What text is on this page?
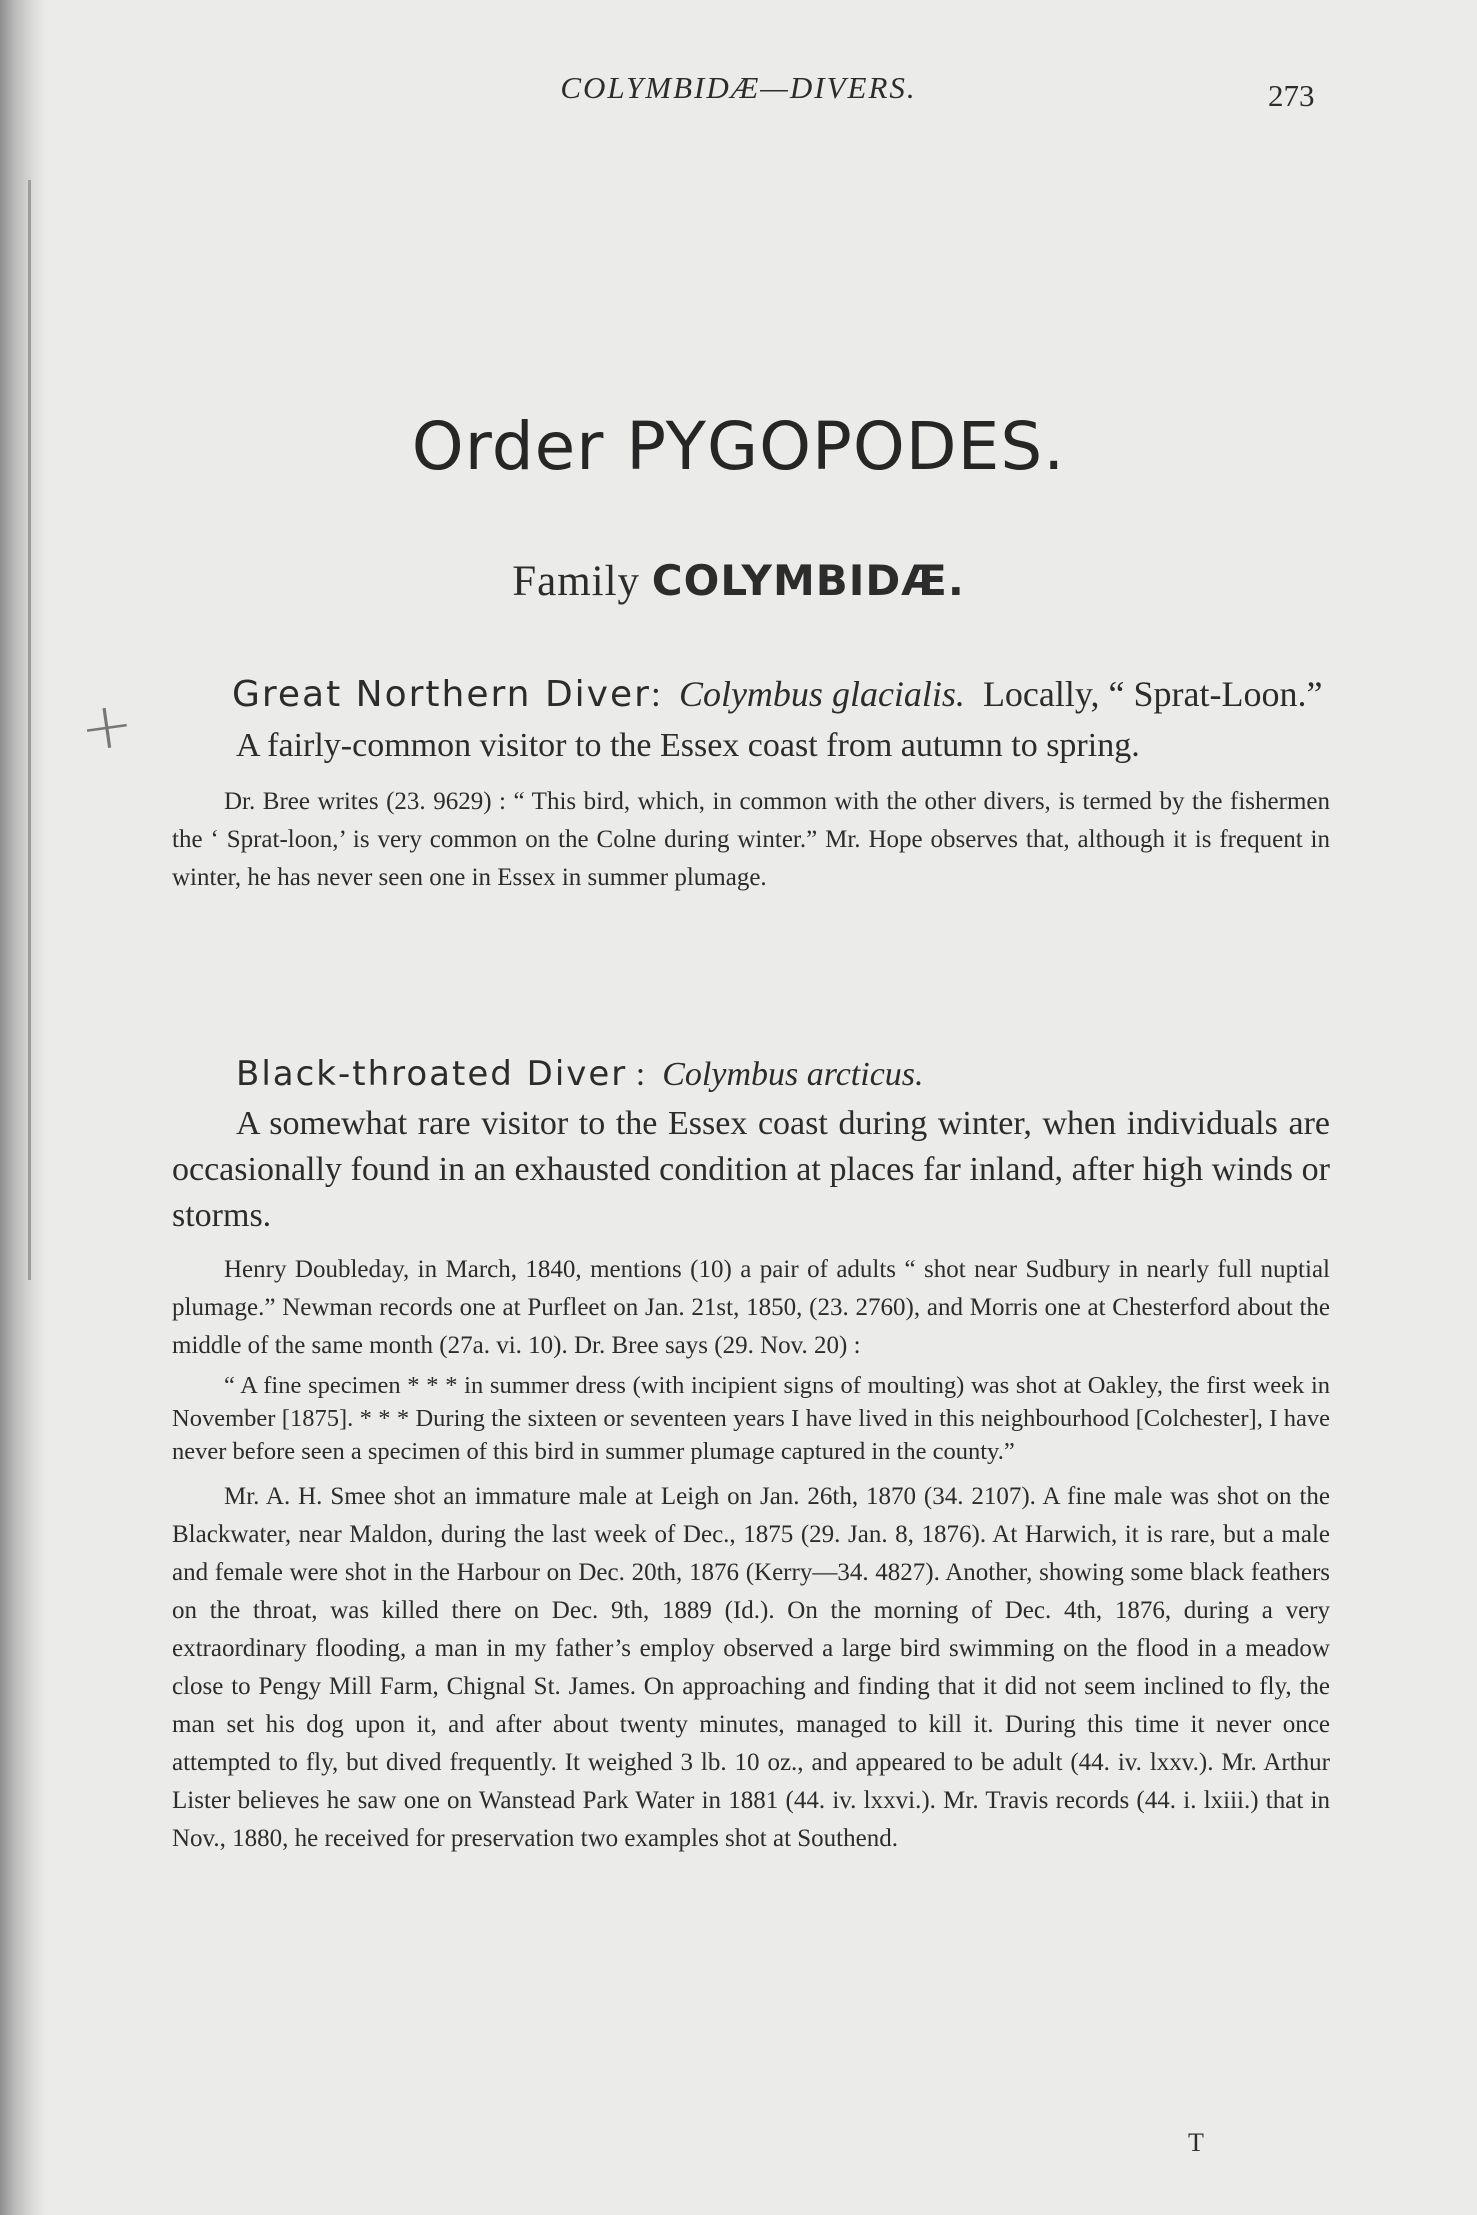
+
COLYMBIDÆ—DIVERS.	273
Order PYGOPODES.
Family COLYMBIDÆ.

Great Northern Diver: Colymbus glacialis. Locally, “ Sprat-Loon.”

A fairly-common visitor to the Essex coast from autumn to spring.

Dr. Bree writes (23. 9629) : “ This bird, which, in common with the other divers, is termed by the fishermen the ‘ Sprat-loon,’ is very common on the Colne during winter.” Mr. Hope observes that, although it is frequent in winter, he has never seen one in Essex in summer plumage.

Black-throated Diver : Colymbus arcticus.

A somewhat rare visitor to the Essex coast during winter, when individuals are occasionally found in an exhausted condition at places far inland, after high winds or storms.

Henry Doubleday, in March, 1840, mentions (10) a pair of adults “ shot near Sudbury in nearly full nuptial plumage.” Newman records one at Purfleet on Jan. 21st, 1850, (23. 2760), and Morris one at Chesterford about the middle of the same month (27a. vi. 10). Dr. Bree says (29. Nov. 20) :

“ A fine specimen * * * in summer dress (with incipient signs of moulting) was shot at Oakley, the first week in November [1875]. * * * During the sixteen or seventeen years I have lived in this neighbourhood [Colchester], I have never before seen a specimen of this bird in summer plumage captured in the county.”

Mr. A. H. Smee shot an immature male at Leigh on Jan. 26th, 1870 (34. 2107). A fine male was shot on the Blackwater, near Maldon, during the last week of Dec., 1875 (29. Jan. 8, 1876). At Harwich, it is rare, but a male and female were shot in the Harbour on Dec. 20th, 1876 (Kerry—34. 4827). Another, showing some black feathers on the throat, was killed there on Dec. 9th, 1889 (Id.). On the morning of Dec. 4th, 1876, during a very extraordinary flooding, a man in my father’s employ observed a large bird swimming on the flood in a meadow close to Pengy Mill Farm, Chignal St. James. On approaching and finding that it did not seem inclined to fly, the man set his dog upon it, and after about twenty minutes, managed to kill it. During this time it never once attempted to fly, but dived frequently. It weighed 3 lb. 10 oz., and appeared to be adult (44. iv. lxxv.). Mr. Arthur Lister believes he saw one on Wanstead Park Water in 1881 (44. iv. lxxvi.). Mr. Travis records (44. i. lxiii.) that in Nov., 1880, he received for preservation two examples shot at Southend.

T
